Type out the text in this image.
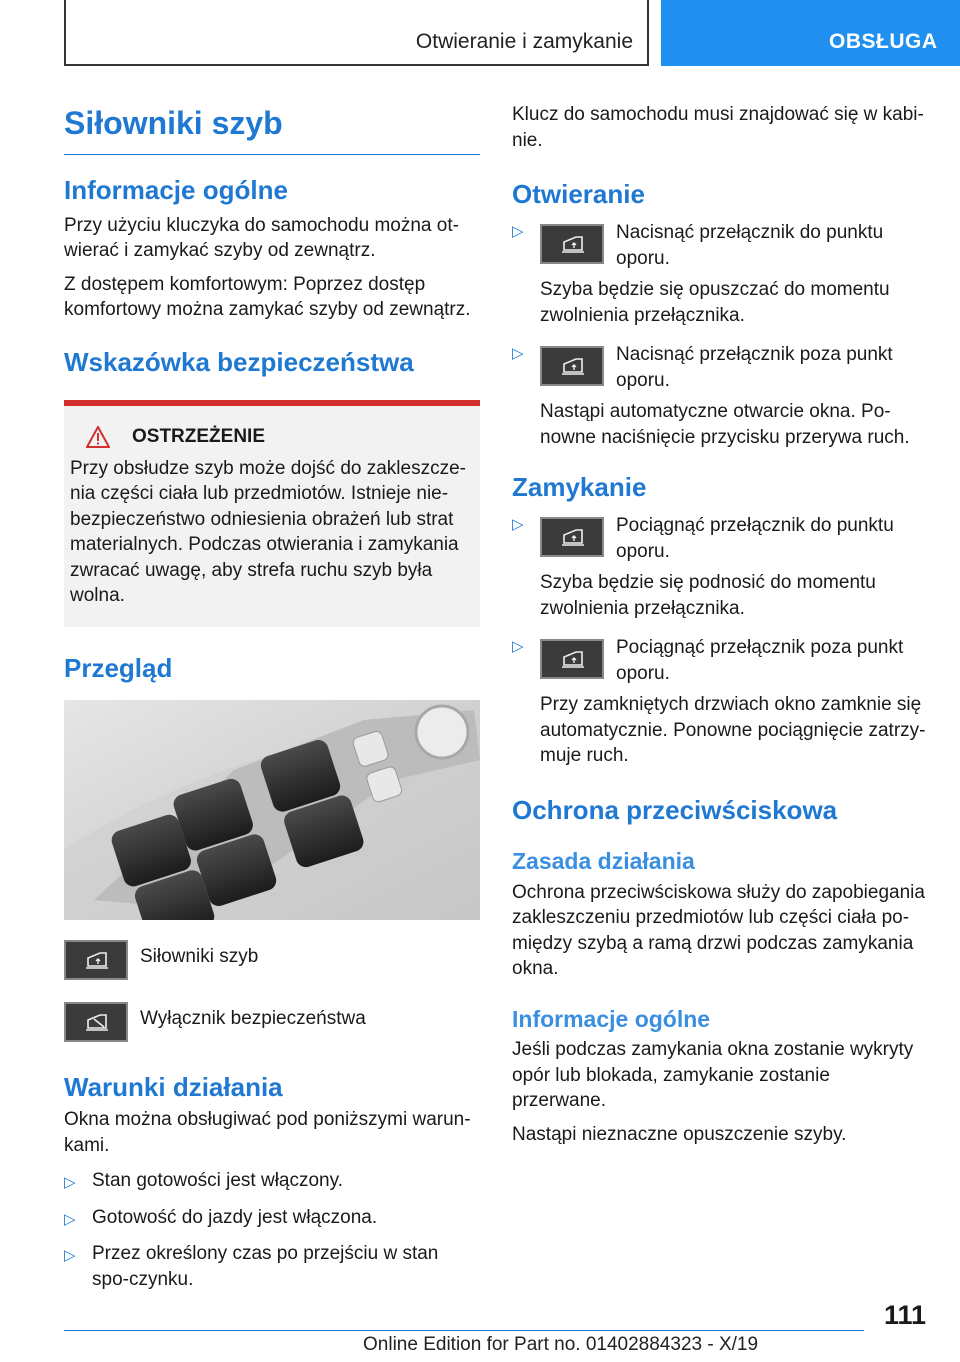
Otwieranie i zamykanie	OBSŁUGA
Siłowniki szyb
Informacje ogólne

Przy użyciu kluczyka do samochodu można ot-wierać i zamykać szyby od zewnątrz.

Z dostępem komfortowym: Poprzez dostęp komfortowy można zamykać szyby od zewnątrz.

Wskazówka bezpieczeństwa
OSTRZEŻENIE

Przy obsłudze szyb może dojść do zakleszcze-nia części ciała lub przedmiotów. Istnieje nie-bezpieczeństwo odniesienia obrażeń lub strat materialnych. Podczas otwierania i zamykania zwracać uwagę, aby strefa ruchu szyb była wolna.

Przegląd
Siłowniki szyb
Wyłącznik bezpieczeństwa
Warunki działania

Okna można obsługiwać pod poniższymi warun-kami.

▷ Stan gotowości jest włączony.
▷ Gotowość do jazdy jest włączona.
▷ Przez określony czas po przejściu w stan spo-czynku.

Klucz do samochodu musi znajdować się w kabi-nie.

Otwieranie
▷	Nacisnąć przełącznik do punktu oporu.

Szyba będzie się opuszczać do momentu zwolnienia przełącznika.

▷	Nacisnąć przełącznik poza punkt oporu.

Nastąpi automatyczne otwarcie okna. Po-nowne naciśnięcie przycisku przerywa ruch.

Zamykanie
▷	Pociągnąć przełącznik do punktu oporu.

Szyba będzie się podnosić do momentu zwolnienia przełącznika.

▷	Pociągnąć przełącznik poza punkt oporu.

Przy zamkniętych drzwiach okno zamknie się automatycznie. Ponowne pociągnięcie zatrzy-muje ruch.

Ochrona przeciwściskowa
Zasada działania

Ochrona przeciwściskowa służy do zapobiegania zakleszczeniu przedmiotów lub części ciała po-między szybą a ramą drzwi podczas zamykania okna.

Informacje ogólne

Jeśli podczas zamykania okna zostanie wykryty opór lub blokada, zamykanie zostanie przerwane.

Nastąpi nieznaczne opuszczenie szyby.

111
Online Edition for Part no. 01402884323 - X/19
